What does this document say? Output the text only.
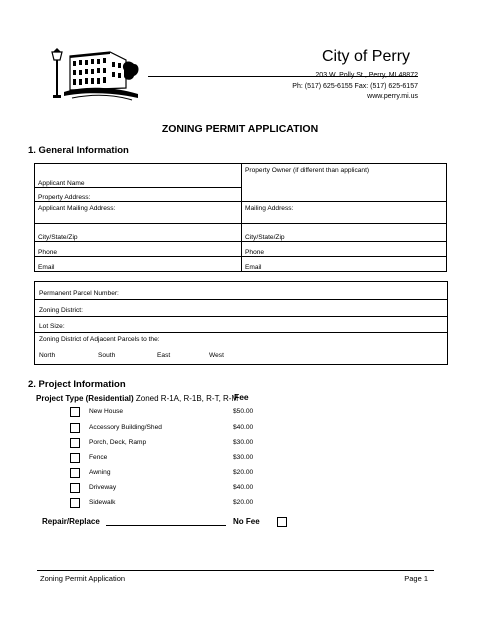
City of Perry
203 W. Polly St., Perry, MI 48872
Ph: (517) 625-6155 Fax: (517) 625-6157
www.perry.mi.us
ZONING PERMIT APPLICATION
1. General Information
Applicant Name	Property Owner (if different than applicant)
Property Address:	
Applicant Mailing Address:	Mailing Address:
City/State/Zip	City/State/Zip
Phone	Phone
Email	Email
Permanent Parcel Number:
Zoning District:
Lot Size:
Zoning District of Adjacent Parcels to the:
North	South	East	West
2. Project Information
Project Type (Residential) Zoned R-1A, R-1B, R-T, R-M
Fee
New House	$50.00
Accessory Building/Shed	$40.00
Porch, Deck, Ramp	$30.00
Fence	$30.00
Awning	$20.00
Driveway	$40.00
Sidewalk	$20.00
Repair/Replace	No Fee
Zoning Permit Application	Page 1
